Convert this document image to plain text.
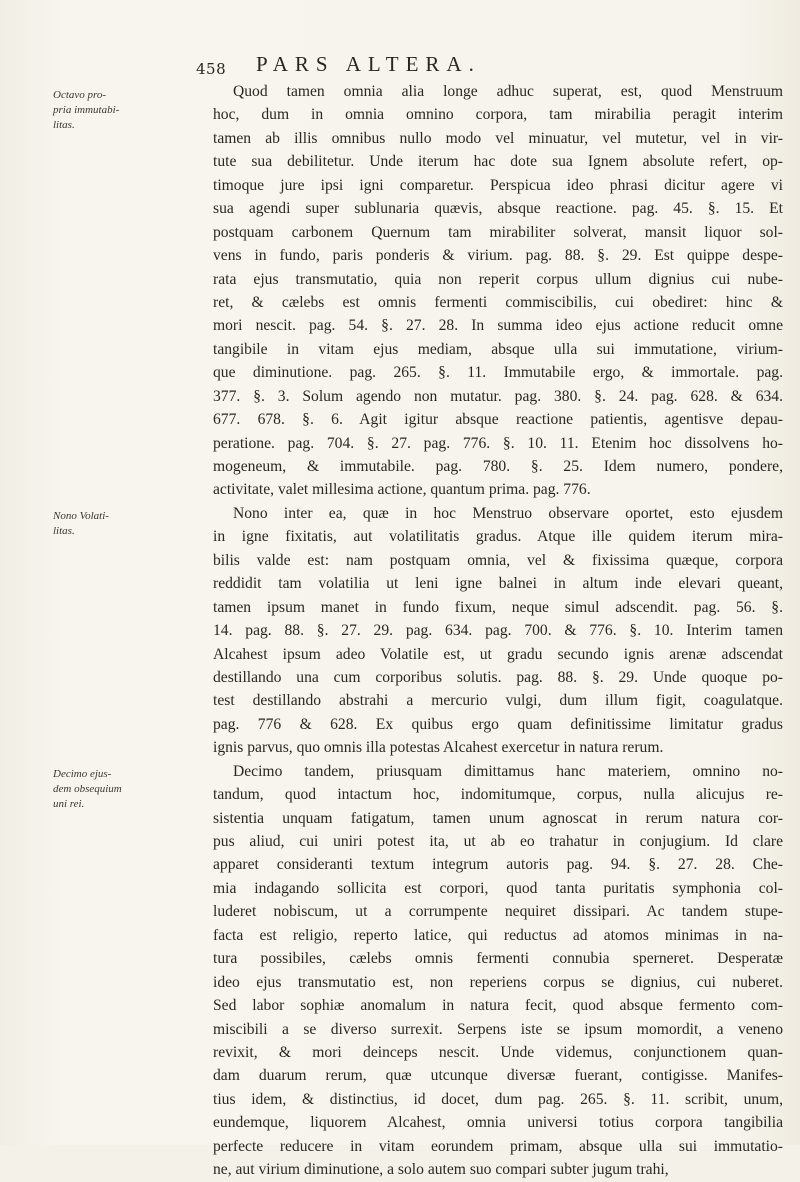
458 PARS ALTERA.
Octavo pro-
pria immutabi-
litas.
Nono Volati-
litas.
Decimo ejus-
dem obsequium
uni rei.
Quod tamen omnia alia longe adhuc superat, est, quod Menstruum
hoc, dum in omnia omnino corpora, tam mirabilia peragit interim
tamen ab illis omnibus nullo modo vel minuatur, vel mutetur, vel in vir-
tute sua debilitetur. Unde iterum hac dote sua Ignem absolute refert, op-
timoque jure ipsi igni comparetur. Perspicua ideo phrasi dicitur agere vi
sua agendi super sublunaria quævis, absque reactione. pag. 45. §. 15. Et
postquam carbonem Quernum tam mirabiliter solverat, mansit liquor sol-
vens in fundo, paris ponderis & virium. pag. 88. §. 29. Est quippe despe-
rata ejus transmutatio, quia non reperit corpus ullum dignius cui nube-
ret, & cælebs est omnis fermenti commiscibilis, cui obediret: hinc &
mori nescit. pag. 54. §. 27. 28. In summa ideo ejus actione reducit omne
tangibile in vitam ejus mediam, absque ulla sui immutatione, virium-
que diminutione. pag. 265. §. 11. Immutabile ergo, & immortale. pag.
377. §. 3. Solum agendo non mutatur. pag. 380. §. 24. pag. 628. & 634.
677. 678. §. 6. Agit igitur absque reactione patientis, agentisve depau-
peratione. pag. 704. §. 27. pag. 776. §. 10. 11. Etenim hoc dissolvens ho-
mogeneum, & immutabile. pag. 780. §. 25. Idem numero, pondere,
activitate, valet millesima actione, quantum prima. pag. 776.
Nono inter ea, quæ in hoc Menstruo observare oportet, esto ejusdem
in igne fixitatis, aut volatilitatis gradus. Atque ille quidem iterum mira-
bilis valde est: nam postquam omnia, vel & fixissima quæque, corpora
reddidit tam volatilia ut leni igne balnei in altum inde elevari queant,
tamen ipsum manet in fundo fixum, neque simul adscendit. pag. 56. §.
14. pag. 88. §. 27. 29. pag. 634. pag. 700. & 776. §. 10. Interim tamen
Alcahest ipsum adeo Volatile est, ut gradu secundo ignis arenæ adscendat
destillando una cum corporibus solutis. pag. 88. §. 29. Unde quoque po-
test destillando abstrahi a mercurio vulgi, dum illum figit, coagulatque.
pag. 776 & 628. Ex quibus ergo quam definitissime limitatur gradus
ignis parvus, quo omnis illa potestas Alcahest exercetur in natura rerum.
Decimo tandem, priusquam dimittamus hanc materiem, omnino no-
tandum, quod intactum hoc, indomitumque, corpus, nulla alicujus re-
sistentia unquam fatigatum, tamen unum agnoscat in rerum natura cor-
pus aliud, cui uniri potest ita, ut ab eo trahatur in conjugium. Id clare
apparet consideranti textum integrum autoris pag. 94. §. 27. 28. Che-
mia indagando sollicita est corpori, quod tanta puritatis symphonia col-
luderet nobiscum, ut a corrumpente nequiret dissipari. Ac tandem stupe-
facta est religio, reperto latice, qui reductus ad atomos minimas in na-
tura possibiles, cælebs omnis fermenti connubia sperneret. Desperatæ
ideo ejus transmutatio est, non reperiens corpus se dignius, cui nuberet.
Sed labor sophiæ anomalum in natura fecit, quod absque fermento com-
miscibili a se diverso surrexit. Serpens iste se ipsum momordit, a veneno
revixit, & mori deinceps nescit. Unde videmus, conjunctionem quan-
dam duarum rerum, quæ utcunque diversæ fuerant, contigisse. Manifes-
tius idem, & distinctius, id docet, dum pag. 265. §. 11. scribit, unum,
eundemque, liquorem Alcahest, omnia universi totius corpora tangibilia
perfecte reducere in vitam eorundem primam, absque ulla sui immutatio-
ne, aut virium diminutione, a solo autem suo compari subter jugum trahi,
